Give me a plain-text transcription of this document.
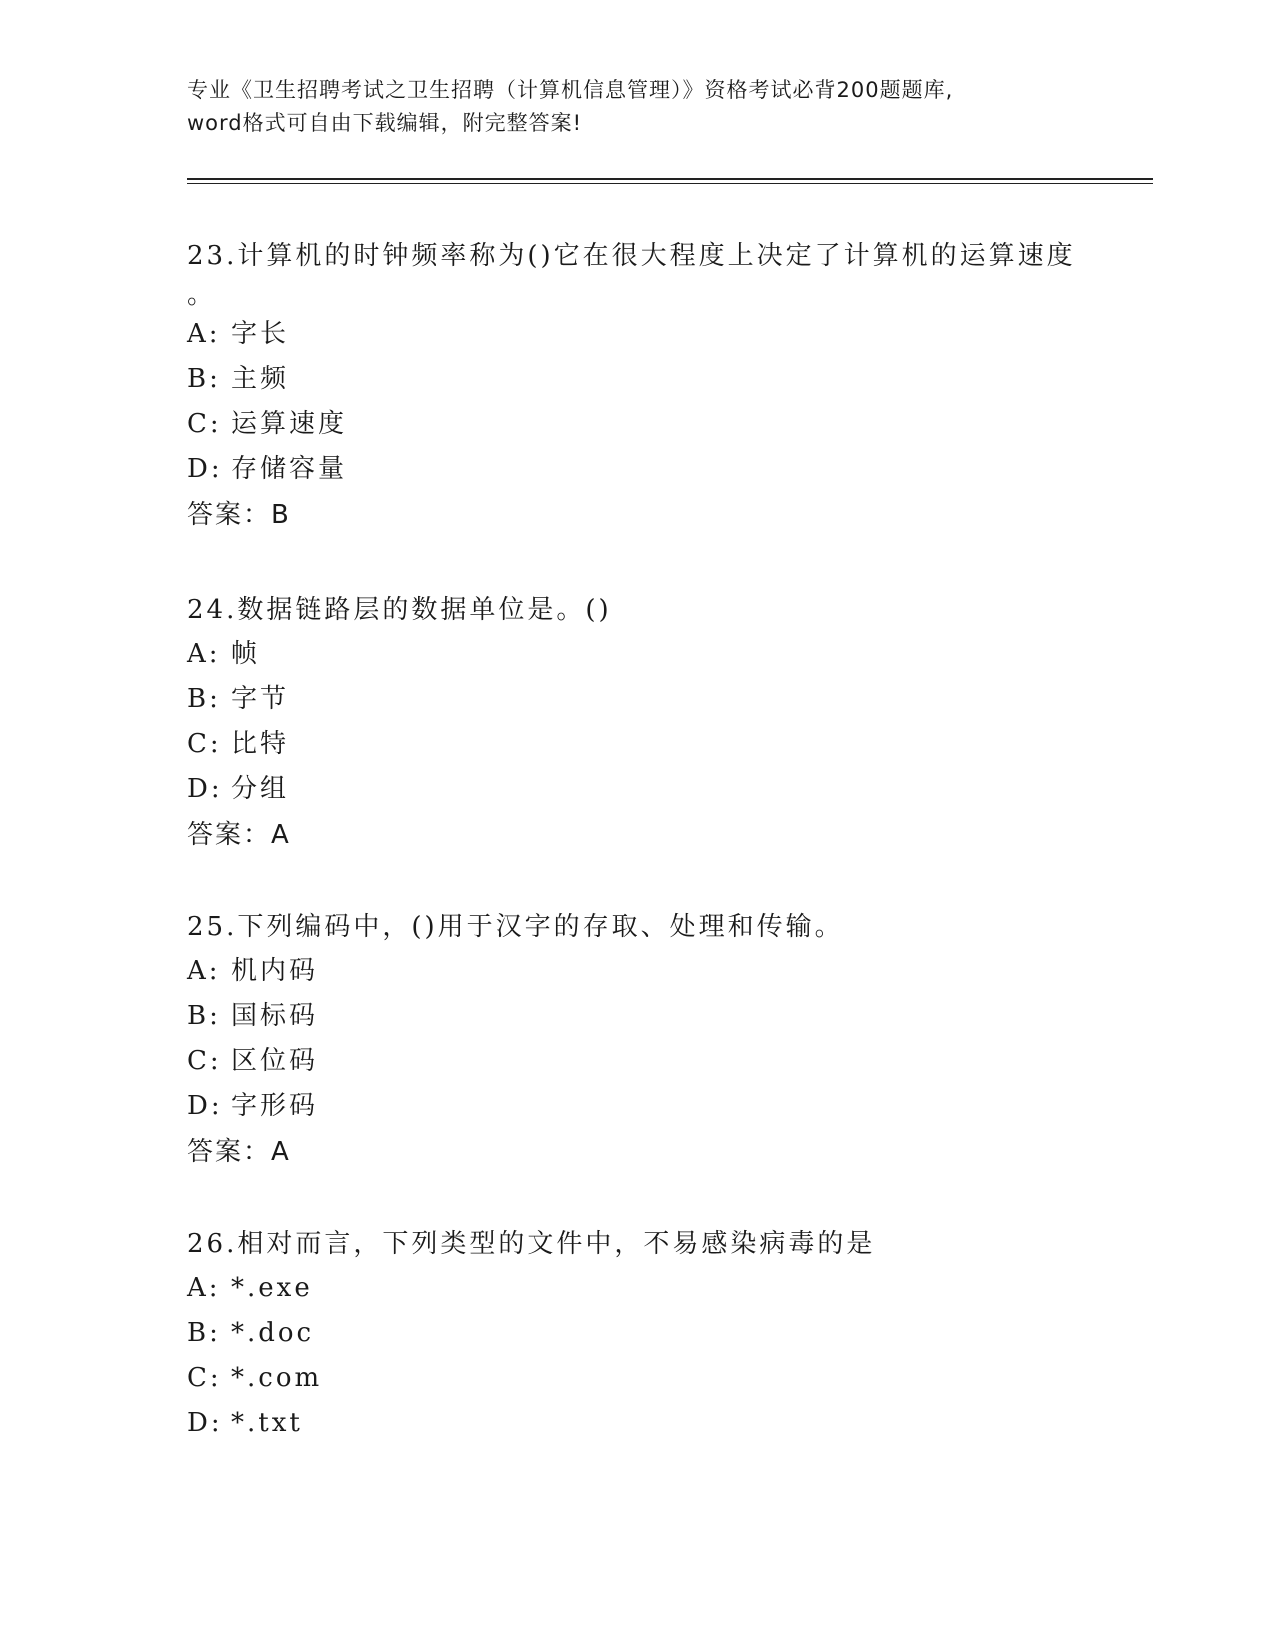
专业《卫生招聘考试之卫生招聘（计算机信息管理）》资格考试必背200题题库,
word格式可自由下载编辑，附完整答案!
23.计算机的时钟频率称为()它在很大程度上决定了计算机的运算速度
。
A: 字长
B: 主频
C: 运算速度
D: 存储容量
答案：B
24.数据链路层的数据单位是。()
A: 帧
B: 字节
C: 比特
D: 分组
答案：A
25.下列编码中，()用于汉字的存取、处理和传输。
A: 机内码
B: 国标码
C: 区位码
D: 字形码
答案：A
26.相对而言，下列类型的文件中，不易感染病毒的是
A: *.exe
B: *.doc
C: *.com
D: *.txt
